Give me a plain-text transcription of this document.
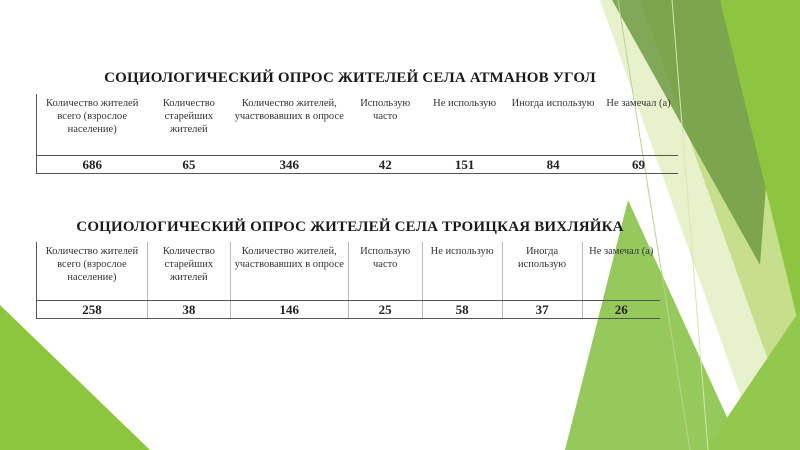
СОЦИОЛОГИЧЕСКИЙ ОПРОС ЖИТЕЛЕЙ СЕЛА АТМАНОВ УГОЛ
Количество жителей всего (взрослое население)	Количество старейших жителей	Количество жителей, участвовавших в опросе	Использую часто	Не использую	Иногда использую	Не замечал (а)
686	65	346	42	151	84	69
СОЦИОЛОГИЧЕСКИЙ ОПРОС ЖИТЕЛЕЙ СЕЛА ТРОИЦКАЯ ВИХЛЯЙКА
Количество жителей всего (взрослое население)	Количество старейших жителей	Количество жителей, участвовавших в опросе	Использую часто	Не использую	Иногда использую	Не замечал (а)
258	38	146	25	58	37	26
